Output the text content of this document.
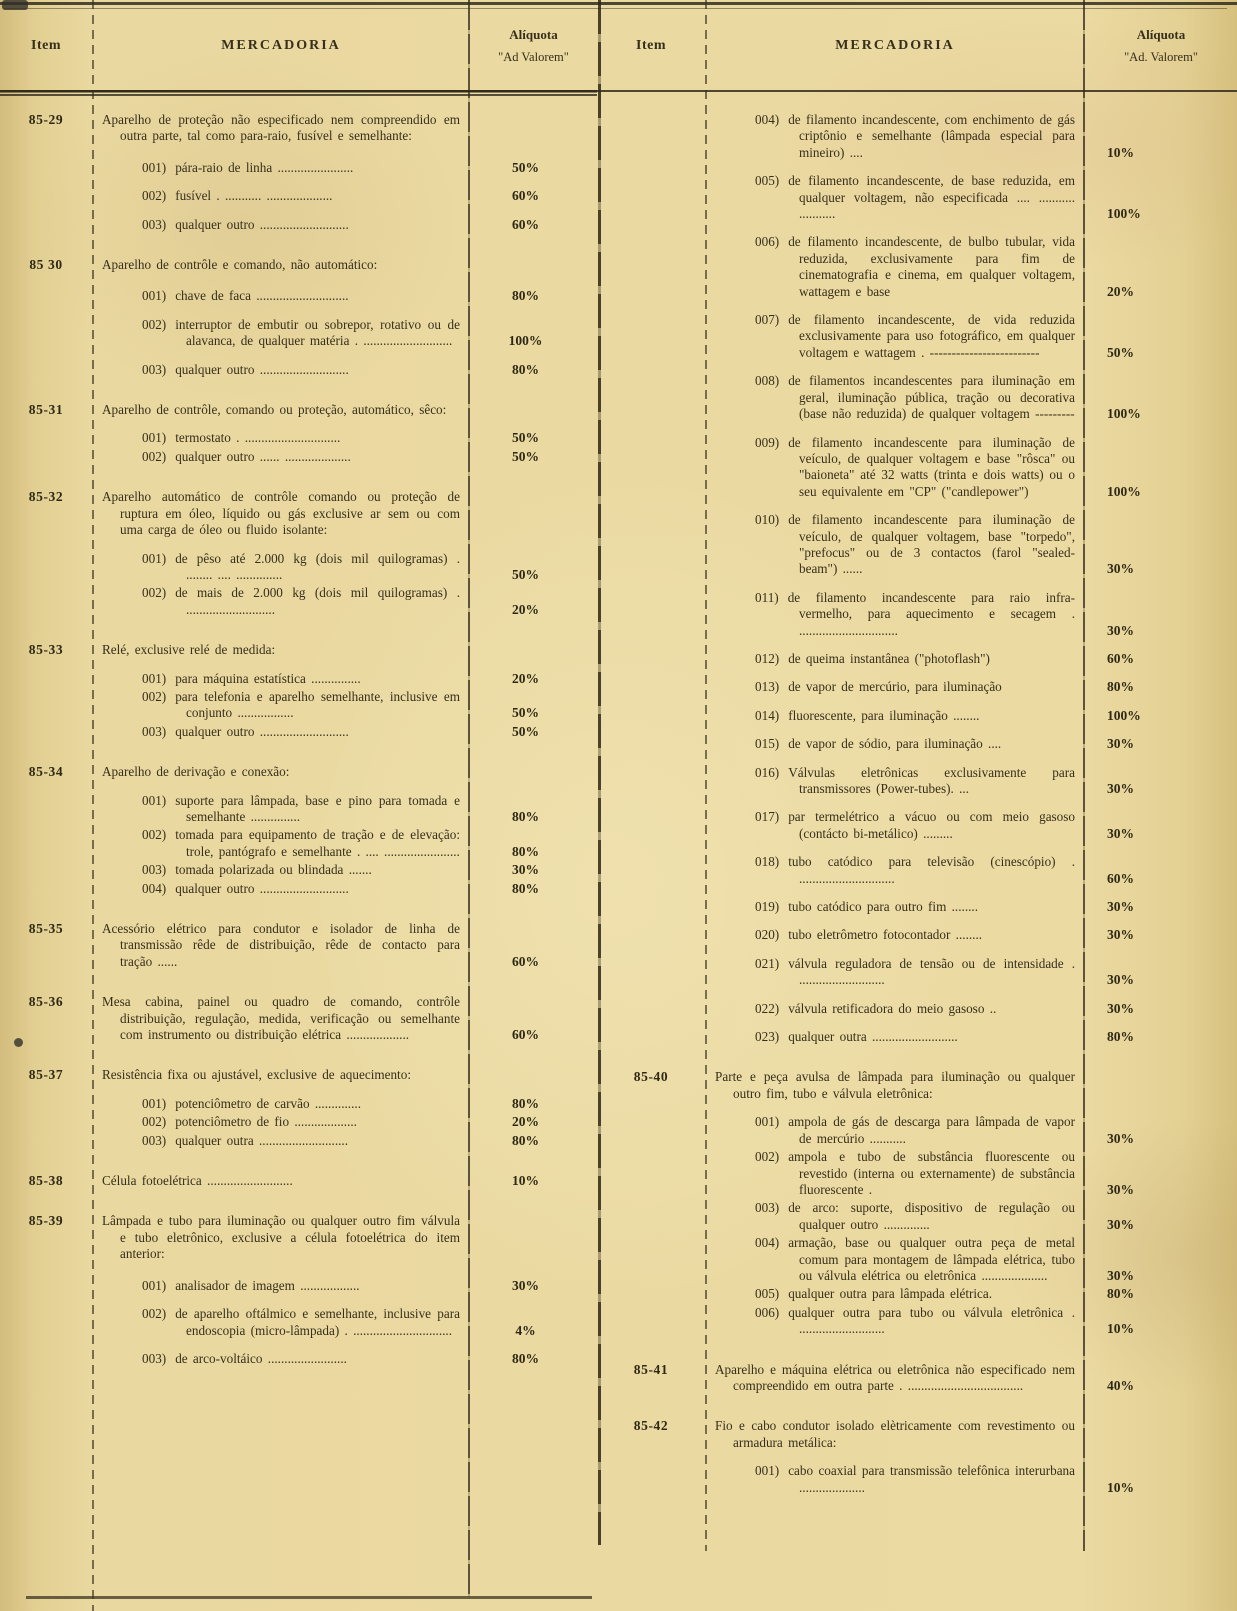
Item	MERCADORIA
Alíquota
"Ad Valorem"
85-29	Aparelho de proteção não especificado nem compreendido em outra parte, tal como para-raio, fusível e semelhante:
001) pára-raio de linha .......................	50%
002) fusível . ........... ....................	60%
003) qualquer outro ...........................	60%
85 30	Aparelho de contrôle e comando, não automático:
001) chave de faca ............................	80%
002) interruptor de embutir ou sobrepor, rotativo ou de alavanca, de qualquer matéria . ...........................	100%
003) qualquer outro ...........................	80%
85-31	Aparelho de contrôle, comando ou proteção, automático, sêco:
001) termostato . .............................	50%
002) qualquer outro ...... ....................	50%
85-32	Aparelho automático de contrôle comando ou proteção de ruptura em óleo, líquido ou gás exclusive ar sem ou com uma carga de óleo ou fluido isolante:
001) de pêso até 2.000 kg (dois mil quilogramas) . ........ .... ..............	50%
002) de mais de 2.000 kg (dois mil quilogramas) . ...........................	20%
85-33	Relé, exclusive relé de medida:
001) para máquina estatística ...............	20%
002) para telefonia e aparelho semelhante, inclusive em conjunto .................	50%
003) qualquer outro ...........................	50%
85-34	Aparelho de derivação e conexão:
001) suporte para lâmpada, base e pino para tomada e semelhante ...............	80%
002) tomada para equipamento de tração e de elevação: trole, pantógrafo e semelhante . .... .......................	80%
003) tomada polarizada ou blindada .......	30%
004) qualquer outro ...........................	80%
85-35	Acessório elétrico para condutor e isolador de linha de transmissão rêde de distribuição, rêde de contacto para tração ......	60%
85-36	Mesa cabina, painel ou quadro de comando, contrôle distribuição, regulação, medida, verificação ou semelhante com instrumento ou distribuição elétrica ...................	60%
85-37	Resistência fixa ou ajustável, exclusive de aquecimento:
001) potenciômetro de carvão ..............	80%
002) potenciômetro de fio ...................	20%
003) qualquer outra ...........................	80%
85-38	Célula fotoelétrica ..........................	10%
85-39	Lâmpada e tubo para iluminação ou qualquer outro fim válvula e tubo eletrônico, exclusive a célula fotoelétrica do item anterior:
001) analisador de imagem ..................	30%
002) de aparelho oftálmico e semelhante, inclusive para endoscopia (micro-lâmpada) . ..............................	4%
003) de arco-voltáico ........................	80%
Item	MERCADORIA
Alíquota
"Ad. Valorem"
004) de filamento incandescente, com enchimento de gás criptônio e semelhante (lâmpada especial para mineiro) ....	10%
005) de filamento incandescente, de base reduzida, em qualquer voltagem, não especificada .... ........... ...........	100%
006) de filamento incandescente, de bulbo tubular, vida reduzida, exclusivamente para fim de cinematografia e cinema, em qualquer voltagem, wattagem e base	20%
007) de filamento incandescente, de vida reduzida exclusivamente para uso fotográfico, em qualquer voltagem e wattagem . -------------------------	50%
008) de filamentos incandescentes para iluminação em geral, iluminação pública, tração ou decorativa (base não reduzida) de qualquer voltagem ---------	100%
009) de filamento incandescente para iluminação de veículo, de qualquer voltagem e base "rôsca" ou "baioneta" até 32 watts (trinta e dois watts) ou o seu equivalente em "CP" ("candlepower")	100%
010) de filamento incandescente para iluminação de veículo, de qualquer voltagem, base "torpedo", "prefocus" ou de 3 contactos (farol "sealed-beam") ......	30%
011) de filamento incandescente para raio infra-vermelho, para aquecimento e secagem . ..............................	30%
012) de queima instantânea ("photoflash")	60%
013) de vapor de mercúrio, para iluminação	80%
014) fluorescente, para iluminação ........	100%
015) de vapor de sódio, para iluminação ....	30%
016) Válvulas eletrônicas exclusivamente para transmissores (Power-tubes). ...	30%
017) par termelétrico a vácuo ou com meio gasoso (contácto bi-metálico) .........	30%
018) tubo catódico para televisão (cinescópio) . .............................	60%
019) tubo catódico para outro fim ........	30%
020) tubo eletrômetro fotocontador ........	30%
021) válvula reguladora de tensão ou de intensidade . ..........................	30%
022) válvula retificadora do meio gasoso ..	30%
023) qualquer outra ..........................	80%
85-40	Parte e peça avulsa de lâmpada para iluminação ou qualquer outro fim, tubo e válvula eletrônica:
001) ampola de gás de descarga para lâmpada de vapor de mercúrio ...........	30%
002) ampola e tubo de substância fluorescente ou revestido (interna ou externamente) de substância fluorescente .	30%
003) de arco: suporte, dispositivo de regulação ou qualquer outro ..............	30%
004) armação, base ou qualquer outra peça de metal comum para montagem de lâmpada elétrica, tubo ou válvula elétrica ou eletrônica ....................	30%
005) qualquer outra para lâmpada elétrica.	80%
006) qualquer outra para tubo ou válvula eletrônica . ..........................	10%
85-41	Aparelho e máquina elétrica ou eletrônica não especificado nem compreendido em outra parte . ...................................	40%
85-42	Fio e cabo condutor isolado elètricamente com revestimento ou armadura metálica:
001) cabo coaxial para transmissão telefônica interurbana ....................	10%
